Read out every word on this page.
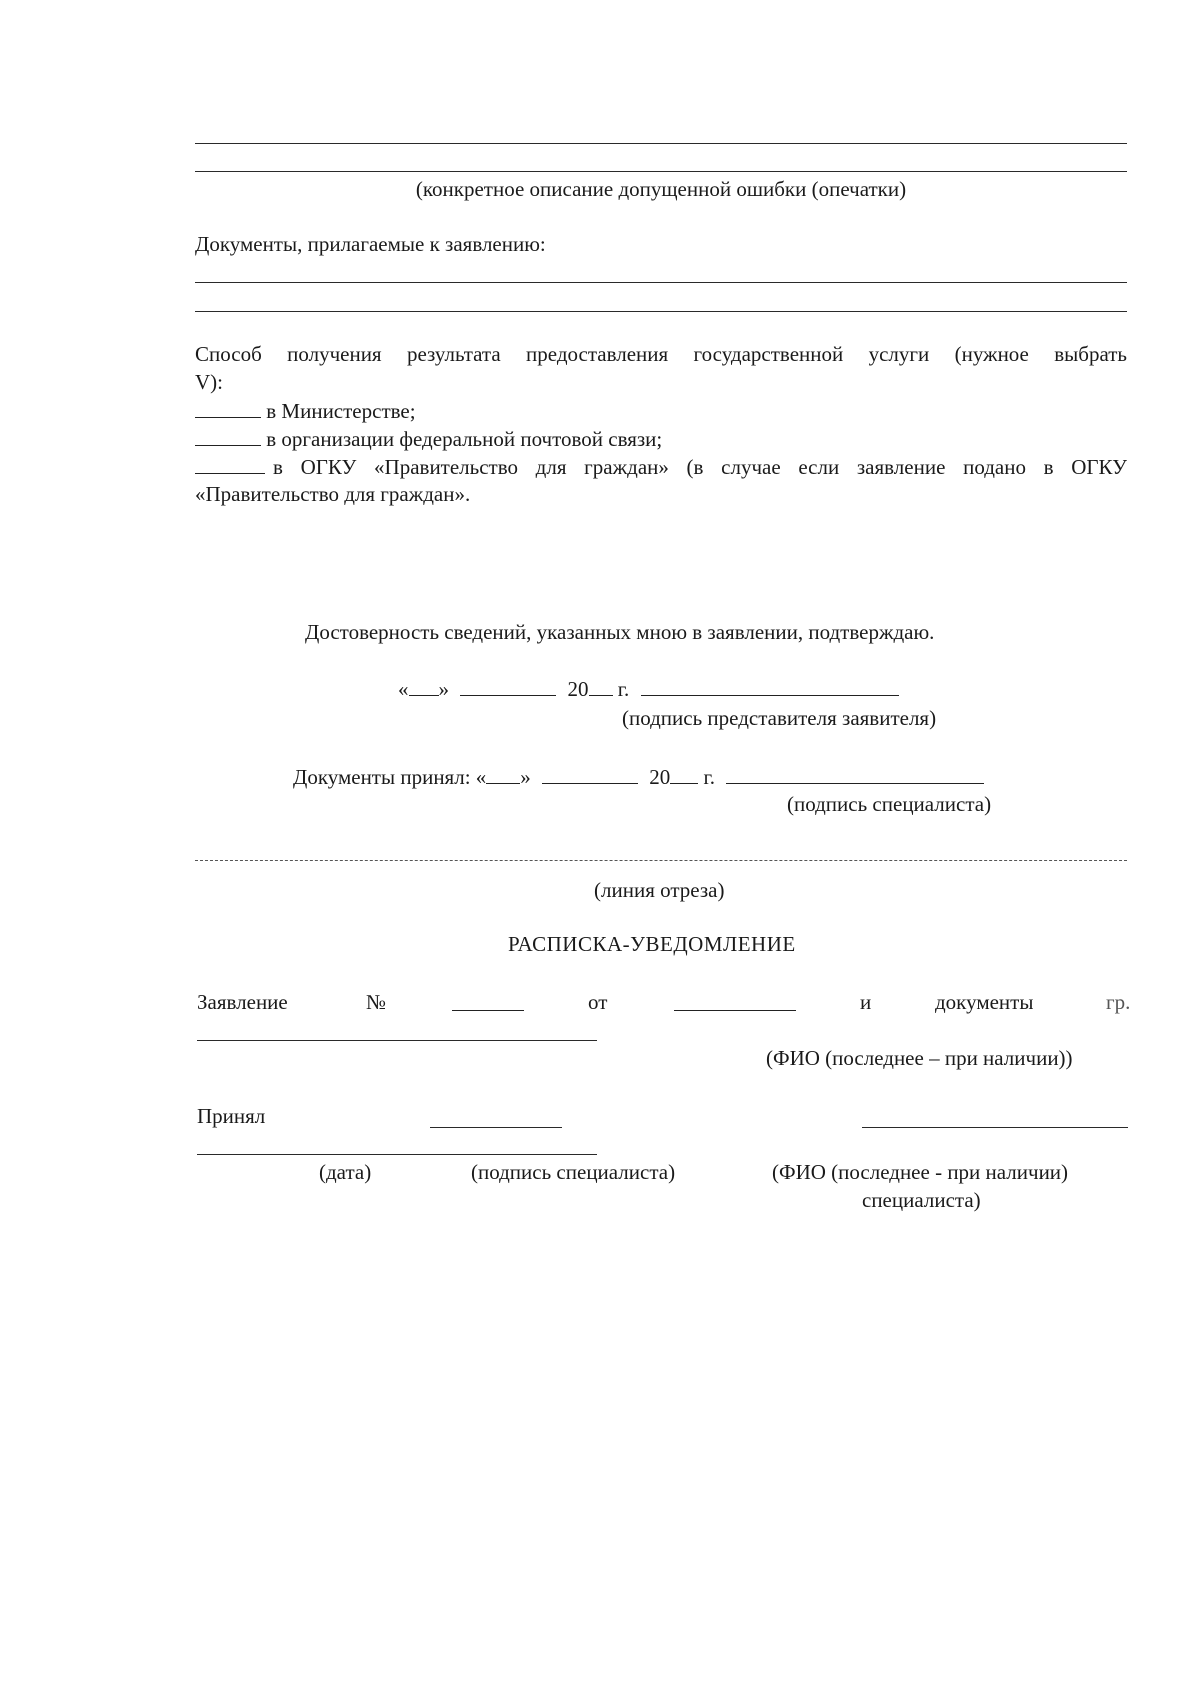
(конкретное описание допущенной ошибки (опечатки)
Документы, прилагаемые к заявлению:
Способ получения результата предоставления государственной услуги (нужное выбрать
V):
в Министерстве;
в организации федеральной почтовой связи;
в ОГКУ «Правительство для граждан» (в случае если заявление подано в ОГКУ
«Правительство для граждан».
Достоверность сведений, указанных мною в заявлении, подтверждаю.
« »	20 г.
(подпись представителя заявителя)
Документы принял: « »	20 г.
(подпись специалиста)
(линия отреза)
РАСПИСКА-УВЕДОМЛЕНИЕ
Заявление	№	от	и	документы	гр.
(ФИО (последнее – при наличии))
Принял
(дата)	(подпись специалиста)	(ФИО (последнее - при наличии)
специалиста)
